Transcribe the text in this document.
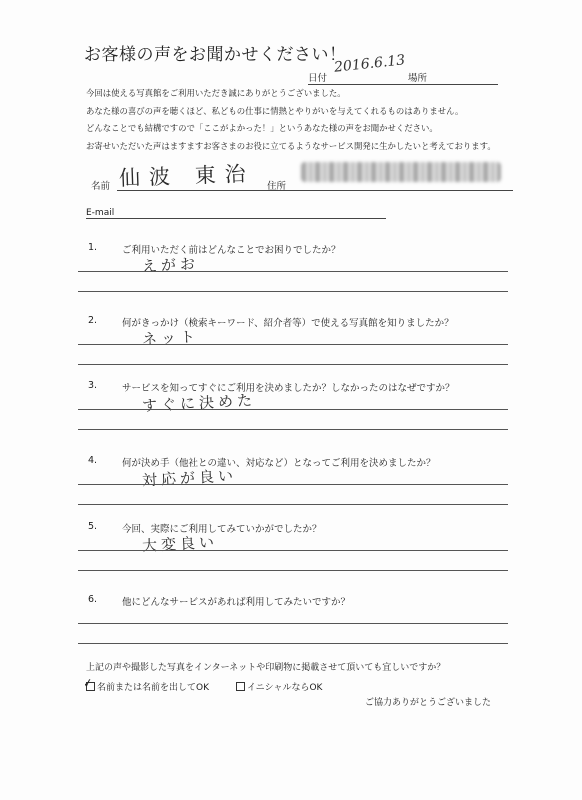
お客様の声をお聞かせください！
日付
2016.6.13
場所

今回は使える写真館をご利用いただき誠にありがとうございました。

あなた様の喜びの声を聴くほど、私どもの仕事に情熱とやりがいを与えてくれるものはありません。

どんなことでも結構ですので「ここがよかった！」というあなた様の声をお聞かせください。

お寄せいただいた声はますますお客さまのお役に立てるようなサービス開発に生かしたいと考えております。

名前 仙波 東治 住所
E-mail
1.	ご利用いただく前はどんなことでお困りでしたか？
えがお
2.	何がきっかけ（検索キーワード、紹介者等）で使える写真館を知りましたか？
ネット
3.	サービスを知ってすぐにご利用を決めましたか？しなかったのはなぜですか？
すぐに決めた
4.	何が決め手（他社との違い、対応など）となってご利用を決めましたか？
対応が良い
5.	今回、実際にご利用してみていかがでしたか？
大変良い
6.	他にどんなサービスがあれば利用してみたいですか？
上記の声や撮影した写真をインターネットや印刷物に掲載させて頂いても宜しいですか？
✓ 名前または名前を出してOK	イニシャルならOK
ご協力ありがとうございました
